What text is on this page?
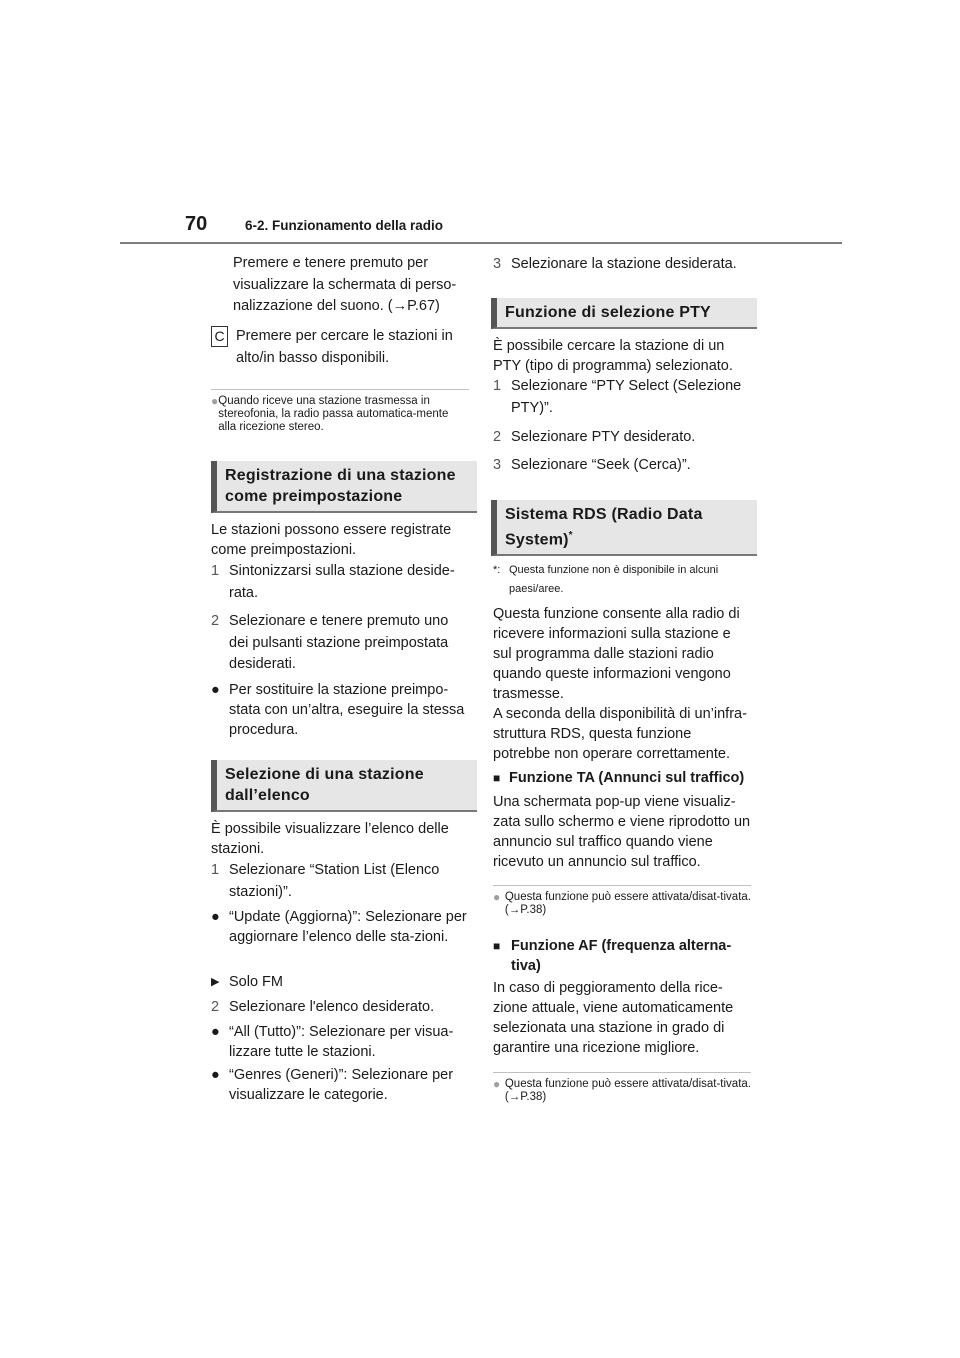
70	6-2. Funzionamento della radio
Premere e tenere premuto per visualizzare la schermata di perso-nalizzazione del suono. (→P.67)
C Premere per cercare le stazioni in alto/in basso disponibili.
● Quando riceve una stazione trasmessa in stereofonia, la radio passa automatica-mente alla ricezione stereo.
Registrazione di una stazione come preimpostazione
Le stazioni possono essere registrate come preimpostazioni.
1 Sintonizzarsi sulla stazione deside-rata.
2 Selezionare e tenere premuto uno dei pulsanti stazione preimpostata desiderati.
● Per sostituire la stazione preimpo-stata con un’altra, eseguire la stessa procedura.
Selezione di una stazione dall’elenco
È possibile visualizzare l’elenco delle stazioni.
1 Selezionare “Station List (Elenco stazioni)”.
● “Update (Aggiorna)”: Selezionare per aggiornare l’elenco delle sta-zioni.
▶ Solo FM
2 Selezionare l'elenco desiderato.
● “All (Tutto)”: Selezionare per visua-lizzare tutte le stazioni.
● “Genres (Generi)”: Selezionare per visualizzare le categorie.
3 Selezionare la stazione desiderata.
Funzione di selezione PTY
È possibile cercare la stazione di un PTY (tipo di programma) selezionato.
1 Selezionare “PTY Select (Selezione PTY)”.
2 Selezionare PTY desiderato.
3 Selezionare “Seek (Cerca)”.
Sistema RDS (Radio Data System)*
*: Questa funzione non è disponibile in alcuni paesi/aree.
Questa funzione consente alla radio di ricevere informazioni sulla stazione e sul programma dalle stazioni radio quando queste informazioni vengono trasmesse.
A seconda della disponibilità di un’infra-struttura RDS, questa funzione potrebbe non operare correttamente.
■ Funzione TA (Annunci sul traffico)
Una schermata pop-up viene visualiz-zata sullo schermo e viene riprodotto un annuncio sul traffico quando viene ricevuto un annuncio sul traffico.
● Questa funzione può essere attivata/disat-tivata. (→P.38)
■ Funzione AF (frequenza alterna-tiva)
In caso di peggioramento della rice-zione attuale, viene automaticamente selezionata una stazione in grado di garantire una ricezione migliore.
● Questa funzione può essere attivata/disat-tivata. (→P.38)
